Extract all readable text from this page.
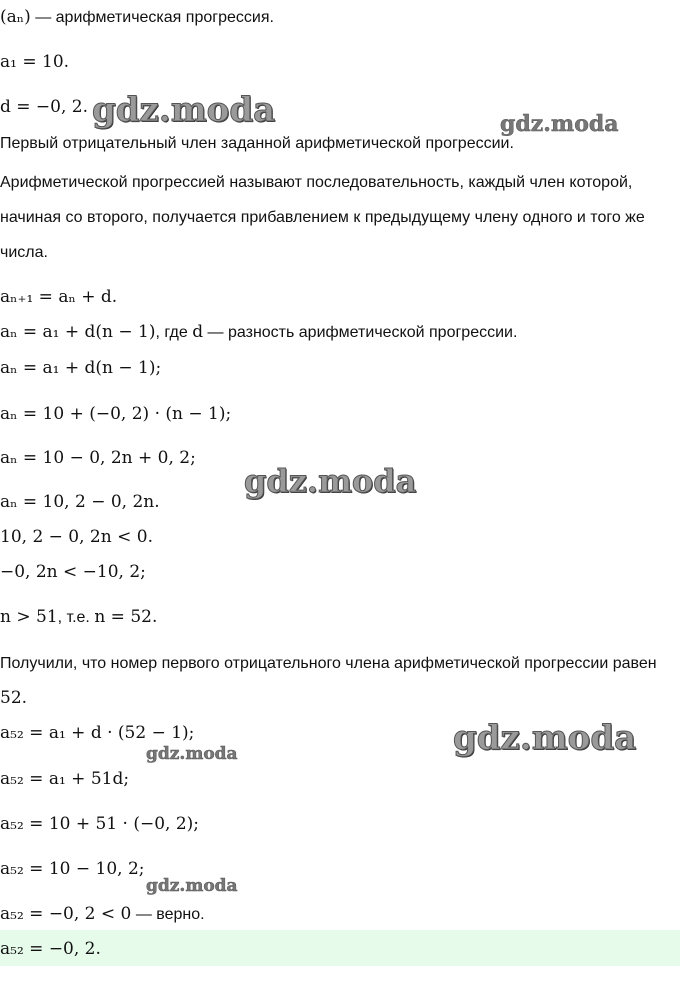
(aₙ) — арифметическая прогрессия.
a₁ = 10.
d = −0, 2.
Первый отрицательный член заданной арифметической прогрессии.
Арифметической прогрессией называют последовательность, каждый член которой, начиная со второго, получается прибавлением к предыдущему члену одного и того же числа.
aₙ₊₁ = aₙ + d.
aₙ = a₁ + d(n − 1), где d — разность арифметической прогрессии.
aₙ = a₁ + d(n − 1);
aₙ = 10 + (−0, 2) · (n − 1);
aₙ = 10 − 0, 2n + 0, 2;
aₙ = 10, 2 − 0, 2n.
10, 2 − 0, 2n < 0.
−0, 2n < −10, 2;
n > 51, т.е. n = 52.
Получили, что номер первого отрицательного члена арифметической прогрессии равен 52.
a₅₂ = a₁ + d · (52 − 1);
a₅₂ = a₁ + 51d;
a₅₂ = 10 + 51 · (−0, 2);
a₅₂ = 10 − 10, 2;
a₅₂ = −0, 2 < 0 — верно.
a₅₂ = −0, 2.
gdz.moda	gdz.moda
gdz.moda
gdz.moda
gdz.moda
gdz.moda
